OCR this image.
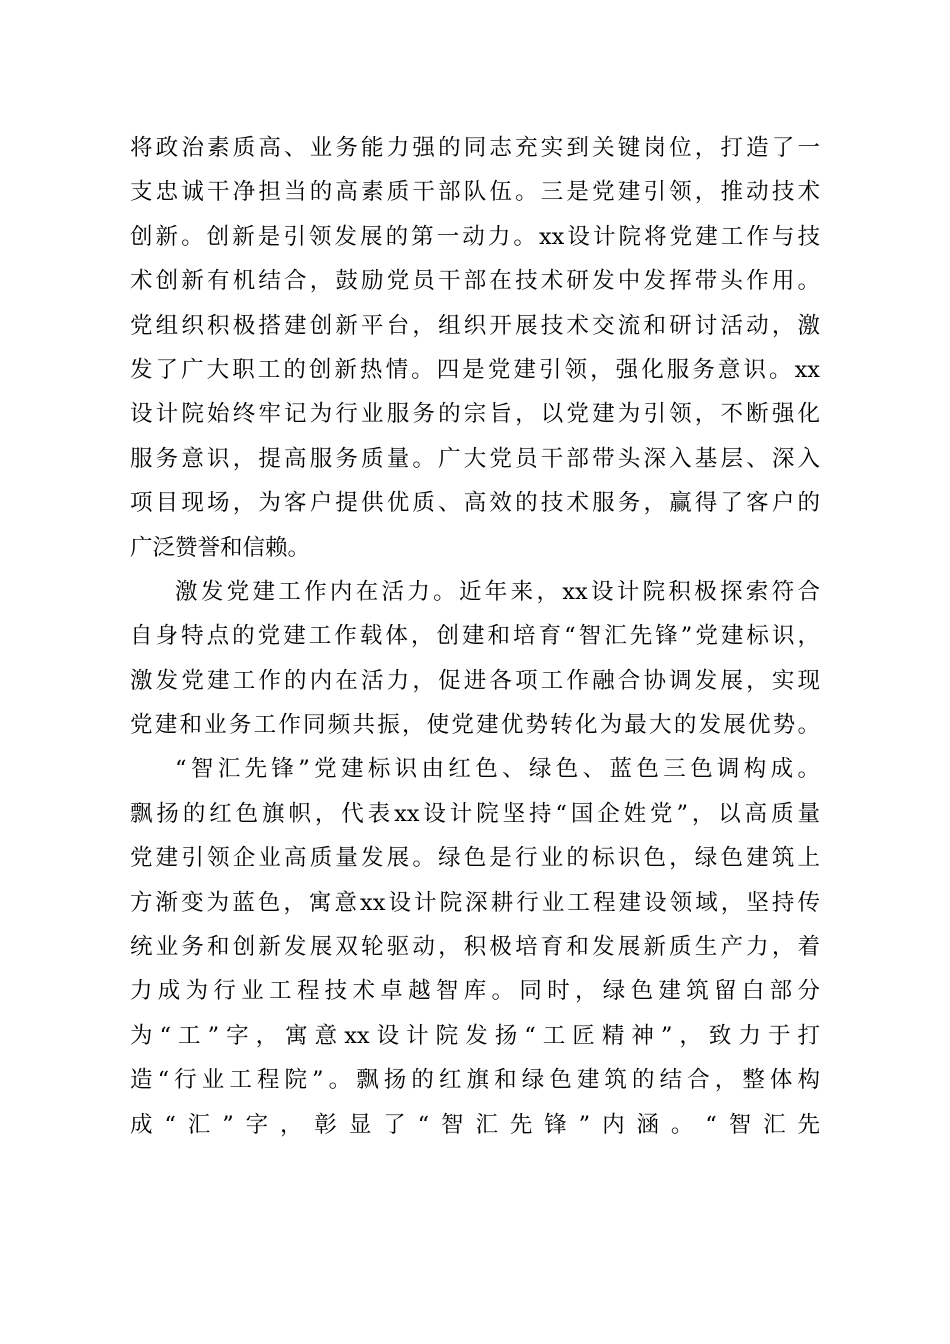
将政治素质高、业务能力强的同志充实到关键岗位，打造了一
支忠诚干净担当的高素质干部队伍。三是党建引领，推动技术
创新。创新是引领发展的第一动力。xx设计院将党建工作与技
术创新有机结合，鼓励党员干部在技术研发中发挥带头作用。
党组织积极搭建创新平台，组织开展技术交流和研讨活动，激
发了广大职工的创新热情。四是党建引领，强化服务意识。xx
设计院始终牢记为行业服务的宗旨，以党建为引领，不断强化
服务意识，提高服务质量。广大党员干部带头深入基层、深入
项目现场，为客户提供优质、高效的技术服务，赢得了客户的
广泛赞誉和信赖。
激发党建工作内在活力。近年来，xx设计院积极探索符合
自身特点的党建工作载体，创建和培育“智汇先锋”党建标识，
激发党建工作的内在活力，促进各项工作融合协调发展，实现
党建和业务工作同频共振，使党建优势转化为最大的发展优势。
“智汇先锋”党建标识由红色、绿色、蓝色三色调构成。
飘扬的红色旗帜，代表xx设计院坚持“国企姓党”，以高质量
党建引领企业高质量发展。绿色是行业的标识色，绿色建筑上
方渐变为蓝色，寓意xx设计院深耕行业工程建设领域，坚持传
统业务和创新发展双轮驱动，积极培育和发展新质生产力，着
力成为行业工程技术卓越智库。同时，绿色建筑留白部分
为“工”字，寓意xx设计院发扬“工匠精神”，致力于打
造“行业工程院”。飘扬的红旗和绿色建筑的结合，整体构
成“汇”字，彰显了“智汇先锋”内涵。“智汇先
